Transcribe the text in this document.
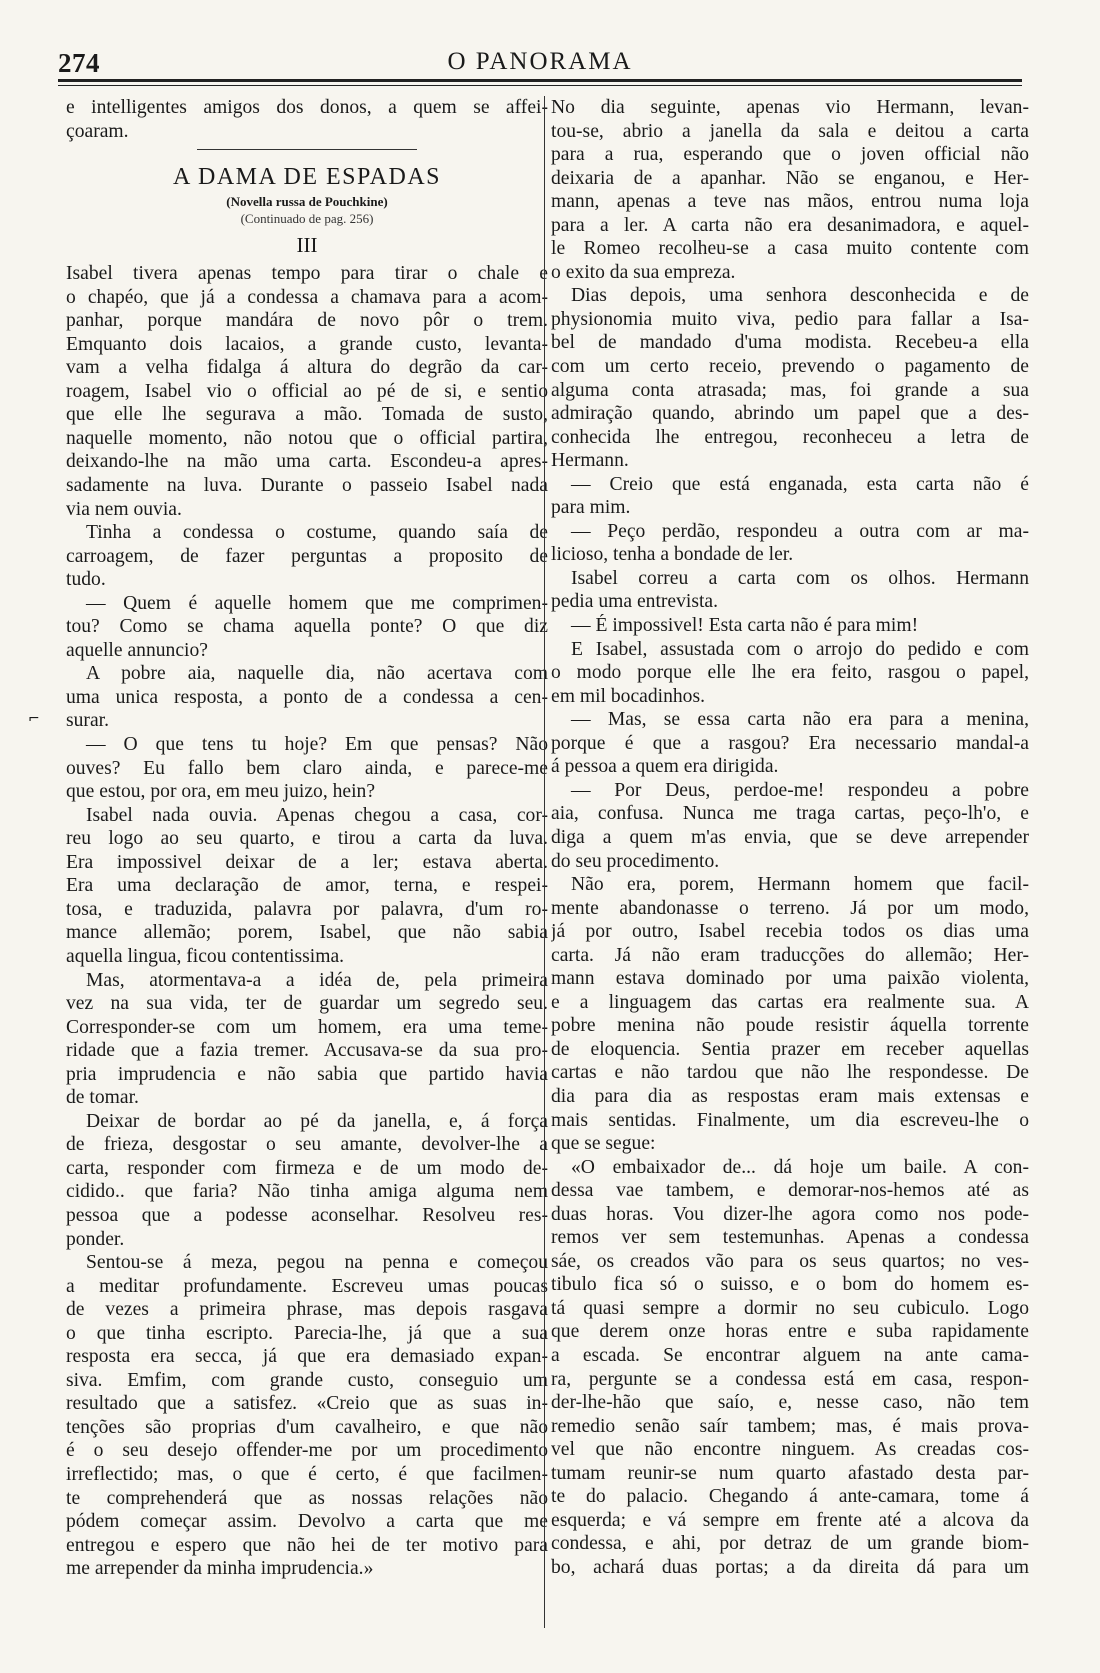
274	O PANORAMA

e intelligentes amigos dos donos, a quem se affei-

çoaram.

A DAMA DE ESPADAS
(Novella russa de Pouchkine)
(Continuado de pag. 256)
III

Isabel tivera apenas tempo para tirar o chale e

o chapéo, que já a condessa a chamava para a acom-

panhar, porque mandára de novo pôr o trem.

Emquanto dois lacaios, a grande custo, levanta-

vam a velha fidalga á altura do degrão da car-

roagem, Isabel vio o official ao pé de si, e sentio

que elle lhe segurava a mão. Tomada de susto,

naquelle momento, não notou que o official partira,

deixando-lhe na mão uma carta. Escondeu-a apres-

sadamente na luva. Durante o passeio Isabel nada

via nem ouvia.

Tinha a condessa o costume, quando saía de

carroagem, de fazer perguntas a proposito de

tudo.

— Quem é aquelle homem que me comprimen-

tou? Como se chama aquella ponte? O que diz

aquelle annuncio?

A pobre aia, naquelle dia, não acertava com

uma unica resposta, a ponto de a condessa a cen-

surar.

— O que tens tu hoje? Em que pensas? Não

ouves? Eu fallo bem claro ainda, e parece-me

que estou, por ora, em meu juizo, hein?

Isabel nada ouvia. Apenas chegou a casa, cor-

reu logo ao seu quarto, e tirou a carta da luva.

Era impossivel deixar de a ler; estava aberta.

Era uma declaração de amor, terna, e respei-

tosa, e traduzida, palavra por palavra, d'um ro-

mance allemão; porem, Isabel, que não sabia

aquella lingua, ficou contentissima.

Mas, atormentava-a a idéa de, pela primeira

vez na sua vida, ter de guardar um segredo seu.

Corresponder-se com um homem, era uma teme-

ridade que a fazia tremer. Accusava-se da sua pro-

pria imprudencia e não sabia que partido havia

de tomar.

Deixar de bordar ao pé da janella, e, á força

de frieza, desgostar o seu amante, devolver-lhe a

carta, responder com firmeza e de um modo de-

cidido.. que faria? Não tinha amiga alguma nem

pessoa que a podesse aconselhar. Resolveu res-

ponder.

Sentou-se á meza, pegou na penna e começou

a meditar profundamente. Escreveu umas poucas

de vezes a primeira phrase, mas depois rasgava

o que tinha escripto. Parecia-lhe, já que a sua

resposta era secca, já que era demasiado expan-

siva. Emfim, com grande custo, conseguio um

resultado que a satisfez. «Creio que as suas in-

tenções são proprias d'um cavalheiro, e que não

é o seu desejo offender-me por um procedimento

irreflectido; mas, o que é certo, é que facilmen-

te comprehenderá que as nossas relações não

pódem começar assim. Devolvo a carta que me

entregou e espero que não hei de ter motivo para

me arrepender da minha imprudencia.»

No dia seguinte, apenas vio Hermann, levan-

tou-se, abrio a janella da sala e deitou a carta

para a rua, esperando que o joven official não

deixaria de a apanhar. Não se enganou, e Her-

mann, apenas a teve nas mãos, entrou numa loja

para a ler. A carta não era desanimadora, e aquel-

le Romeo recolheu-se a casa muito contente com

o exito da sua empreza.

Dias depois, uma senhora desconhecida e de

physionomia muito viva, pedio para fallar a Isa-

bel de mandado d'uma modista. Recebeu-a ella

com um certo receio, prevendo o pagamento de

alguma conta atrasada; mas, foi grande a sua

admiração quando, abrindo um papel que a des-

conhecida lhe entregou, reconheceu a letra de

Hermann.

— Creio que está enganada, esta carta não é

para mim.

— Peço perdão, respondeu a outra com ar ma-

licioso, tenha a bondade de ler.

Isabel correu a carta com os olhos. Hermann

pedia uma entrevista.

— É impossivel! Esta carta não é para mim!

E Isabel, assustada com o arrojo do pedido e com

o modo porque elle lhe era feito, rasgou o papel,

em mil bocadinhos.

— Mas, se essa carta não era para a menina,

porque é que a rasgou? Era necessario mandal-a

á pessoa a quem era dirigida.

— Por Deus, perdoe-me! respondeu a pobre

aia, confusa. Nunca me traga cartas, peço-lh'o, e

diga a quem m'as envia, que se deve arrepender

do seu procedimento.

Não era, porem, Hermann homem que facil-

mente abandonasse o terreno. Já por um modo,

já por outro, Isabel recebia todos os dias uma

carta. Já não eram traducções do allemão; Her-

mann estava dominado por uma paixão violenta,

e a linguagem das cartas era realmente sua. A

pobre menina não poude resistir áquella torrente

de eloquencia. Sentia prazer em receber aquellas

cartas e não tardou que não lhe respondesse. De

dia para dia as respostas eram mais extensas e

mais sentidas. Finalmente, um dia escreveu-lhe o

que se segue:

«O embaixador de... dá hoje um baile. A con-

dessa vae tambem, e demorar-nos-hemos até as

duas horas. Vou dizer-lhe agora como nos pode-

remos ver sem testemunhas. Apenas a condessa

sáe, os creados vão para os seus quartos; no ves-

tibulo fica só o suisso, e o bom do homem es-

tá quasi sempre a dormir no seu cubiculo. Logo

que derem onze horas entre e suba rapidamente

a escada. Se encontrar alguem na ante cama-

ra, pergunte se a condessa está em casa, respon-

der-lhe-hão que saío, e, nesse caso, não tem

remedio senão saír tambem; mas, é mais prova-

vel que não encontre ninguem. As creadas cos-

tumam reunir-se num quarto afastado desta par-

te do palacio. Chegando á ante-camara, tome á

esquerda; e vá sempre em frente até a alcova da

condessa, e ahi, por detraz de um grande biom-

bo, achará duas portas; a da direita dá para um

⌐
